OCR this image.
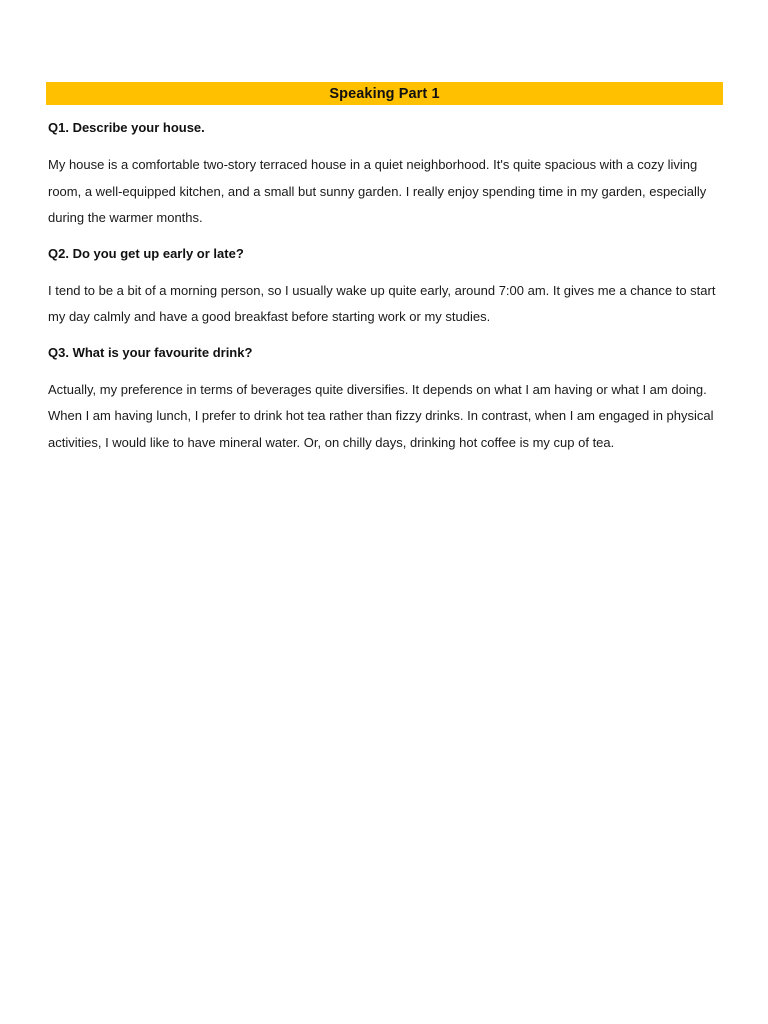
Speaking Part 1

Q1. Describe your house.

My house is a comfortable two-story terraced house in a quiet neighborhood. It's quite spacious with a cozy living room, a well-equipped kitchen, and a small but sunny garden. I really enjoy spending time in my garden, especially during the warmer months.

Q2. Do you get up early or late?

I tend to be a bit of a morning person, so I usually wake up quite early, around 7:00 am. It gives me a chance to start my day calmly and have a good breakfast before starting work or my studies.

Q3. What is your favourite drink?

Actually, my preference in terms of beverages quite diversifies. It depends on what I am having or what I am doing. When I am having lunch, I prefer to drink hot tea rather than fizzy drinks. In contrast, when I am engaged in physical activities, I would like to have mineral water. Or, on chilly days, drinking hot coffee is my cup of tea.
